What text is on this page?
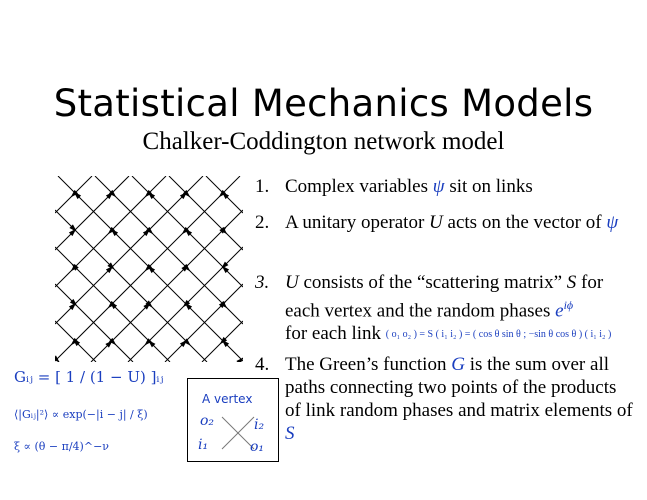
Statistical Mechanics Models
Chalker-Coddington network model
1. Complex variables ψ sit on links
2. A unitary operator U acts on the vector of ψ
3. U consists of the “scattering matrix” S for each vertex and the random phases $e^{i\phi}$
for each link ( o₁ o₂ ) = S ( i₁ i₂ ) = ( cos θ sin θ ; −sin θ cos θ ) ( i₁ i₂ )
4. The Green’s function G is the sum over all paths connecting two points of the products of link random phases and matrix elements of S
Gᵢⱼ = [ 1 / (1 − U) ]ᵢⱼ
⟨|Gᵢⱼ|²⟩ ∝ exp(−|i − j| / ξ)
ξ ∝ (θ − π/4)^−ν
A vertex
o₂	i₂
i₁	o₁
